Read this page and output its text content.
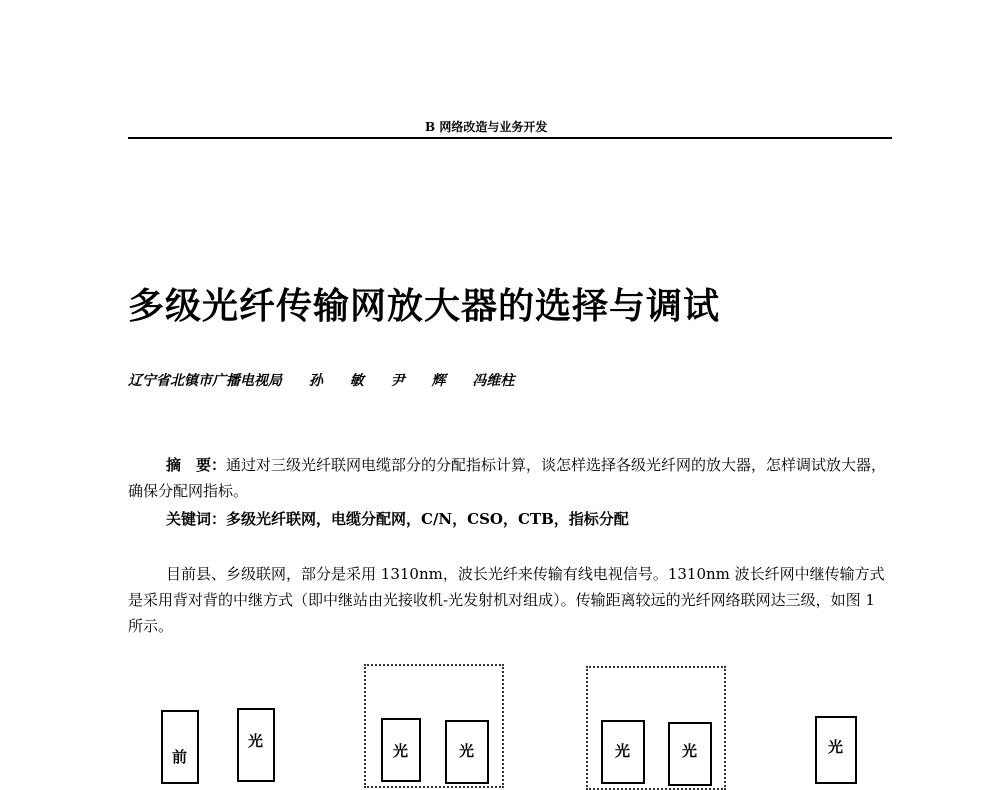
B 网络改造与业务开发
多级光纤传输网放大器的选择与调试
辽宁省北镇市广播电视局 孙 敏 尹 辉 冯维柱
摘　要：通过对三级光纤联网电缆部分的分配指标计算，谈怎样选择各级光纤网的放大器，怎样调试放大器，确保分配网指标。
关键词：多级光纤联网，电缆分配网，C/N，CSO，CTB，指标分配
目前县、乡级联网，部分是采用 1310nm，波长光纤来传输有线电视信号。1310nm 波长纤网中继传输方式是采用背对背的中继方式（即中继站由光接收机-光发射机对组成）。传输距离较远的光纤网络联网达三级，如图 1 所示。
前
光
光	光	光	光	光
